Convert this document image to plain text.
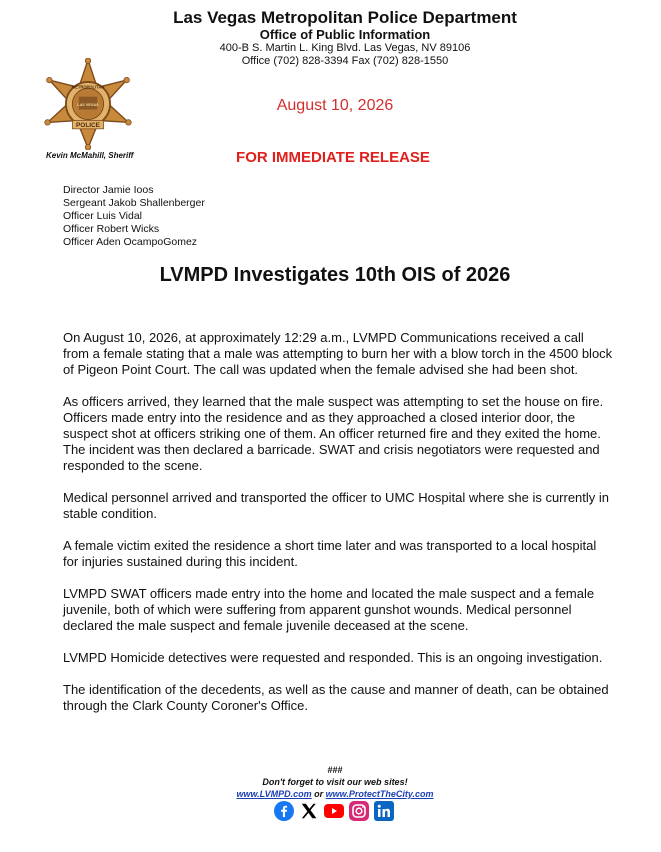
Las Vegas Metropolitan Police Department
Office of Public Information
400-B S. Martin L. King Blvd. Las Vegas, NV 89106
Office (702) 828-3394 Fax (702) 828-1550
POLICE
METROPOLITAN
LAS VEGAS
Kevin McMahill, Sheriff
August 10, 2026
FOR IMMEDIATE RELEASE
Director Jamie Ioos
Sergeant Jakob Shallenberger
Officer Luis Vidal
Officer Robert Wicks
Officer Aden OcampoGomez
LVMPD Investigates 10th OIS of 2026

On August 10, 2026, at approximately 12:29 a.m., LVMPD Communications received a call from a female stating that a male was attempting to burn her with a blow torch in the 4500 block of Pigeon Point Court. The call was updated when the female advised she had been shot.

As officers arrived, they learned that the male suspect was attempting to set the house on fire. Officers made entry into the residence and as they approached a closed interior door, the suspect shot at officers striking one of them. An officer returned fire and they exited the home. The incident was then declared a barricade. SWAT and crisis negotiators were requested and responded to the scene.

Medical personnel arrived and transported the officer to UMC Hospital where she is currently in stable condition.

A female victim exited the residence a short time later and was transported to a local hospital for injuries sustained during this incident.

LVMPD SWAT officers made entry into the home and located the male suspect and a female juvenile, both of which were suffering from apparent gunshot wounds. Medical personnel declared the male suspect and female juvenile deceased at the scene.

LVMPD Homicide detectives were requested and responded. This is an ongoing investigation.

The identification of the decedents, as well as the cause and manner of death, can be obtained through the Clark County Coroner's Office.

###
Don't forget to visit our web sites!
www.LVMPD.com or www.ProtectTheCity.com
